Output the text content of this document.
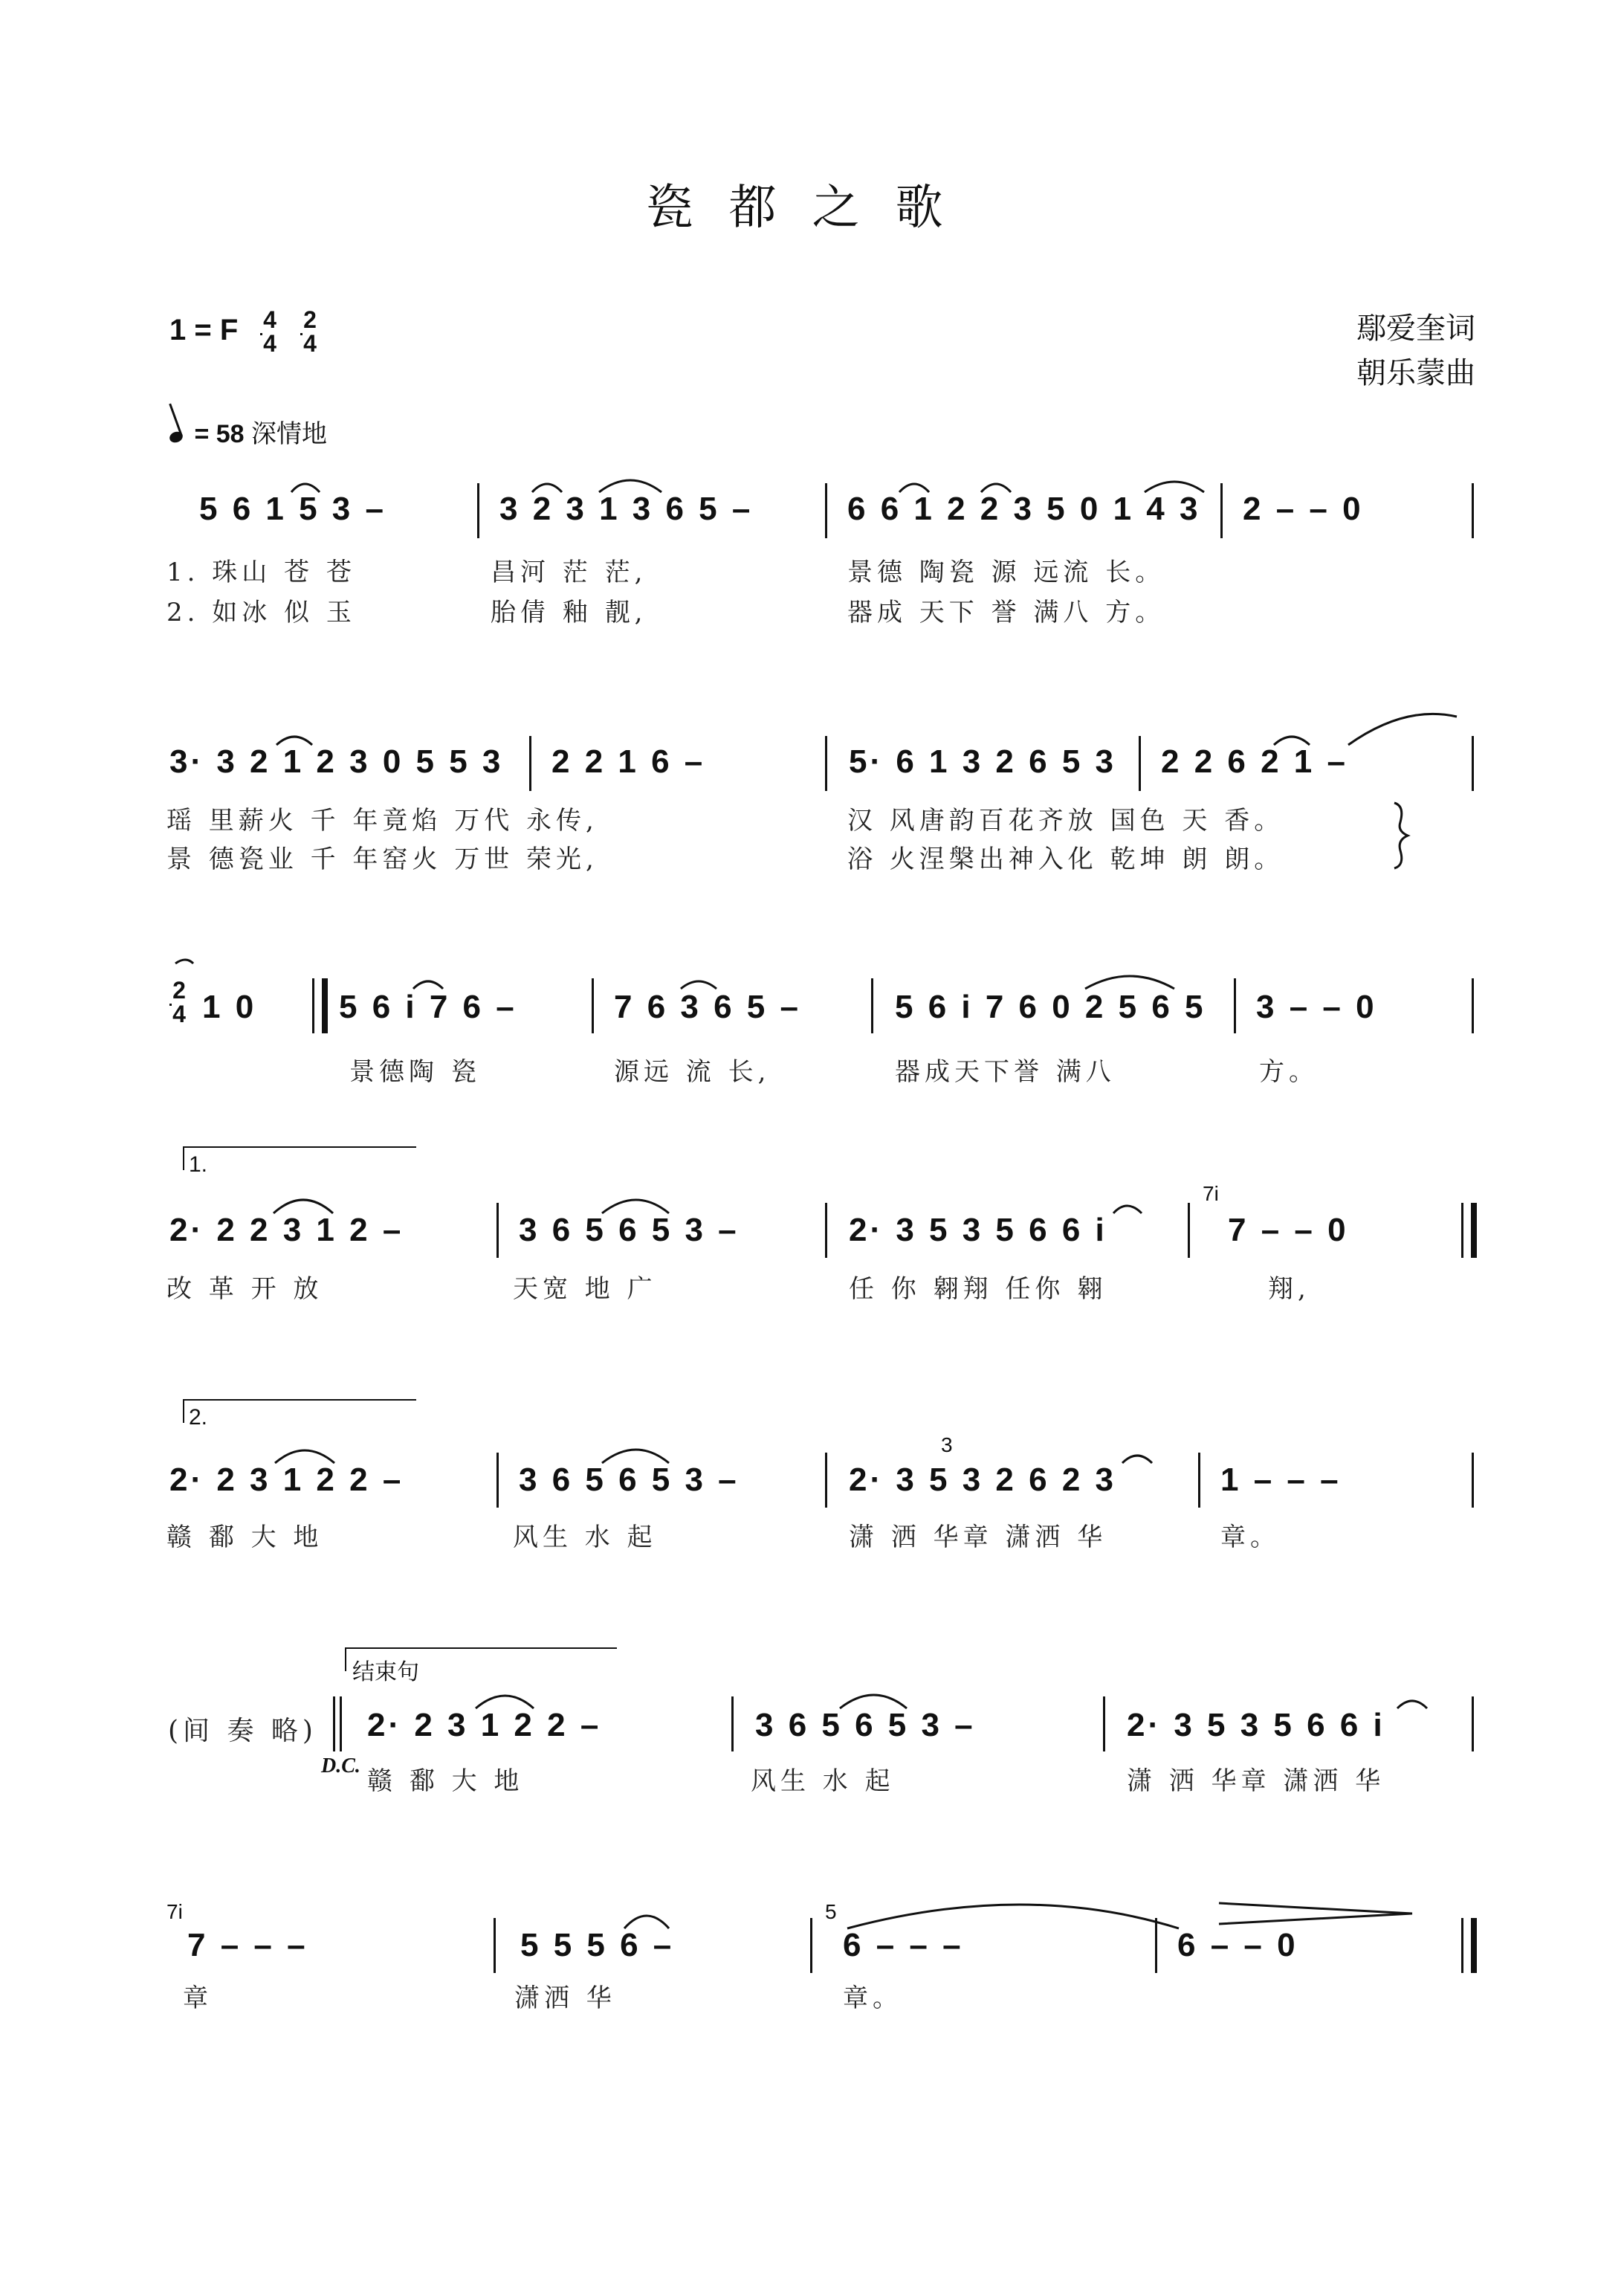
瓷都之歌
1 = F 4
4
2
4	鄢爱奎词
朝乐蒙曲
= 58 深情地
5 6 1 5 3 –	3 2 3 1 3 6 5 –	6 6 1 2 2 3 5 0 1 4 3 2 – – 0
1. 珠山 苍 苍	昌河 茫 茫,	景德 陶瓷 源 远流 长。
2. 如冰 似 玉	胎倩 釉 靓,	器成 天下 誉 满八 方。
3· 3 2 1 2 3 0 5 5 3 2 2 1 6 –	5· 6 1 3 2 6 5 3 2 2 6 2 1 –
瑶 里薪火 千 年竟焰 万代 永传,	汉 风唐韵百花齐放 国色 天 香。
景 德瓷业 千 年窑火 万世 荣光,	浴 火涅槃出神入化 乾坤 朗 朗。
2
4 1 0	5 6 i 7 6 –	7 6 3 6 5 –	5 6 i 7 6 0 2 5 6 5 3 – – 0
景德陶 瓷	源远 流 长,	器成天下誉 满八	方。
1.
2· 2 2 3 1 2 –	3 6 5 6 5 3 –	2· 3 5 3 5 6 6 i
7i
7 – – 0
改 革 开 放	天宽 地 广	任 你 翱翔 任你 翱	翔,
2.
2· 2 3 1 2 2 –	3 6 5 6 5 3 –
3
2· 3 5 3 2 6 2 3	1 – – –
赣 鄱 大 地	风生 水 起	潇 洒 华章 潇洒 华	章。
结束句
(间 奏 略)
D.C.
2· 2 3 1 2 2 –	3 6 5 6 5 3 –	2· 3 5 3 5 6 6 i
赣 鄱 大 地	风生 水 起	潇 洒 华章 潇洒 华
7i
7 – – –	5 5 5 6 –
5
6 – – –	6 – – 0
章	潇洒 华	章。
